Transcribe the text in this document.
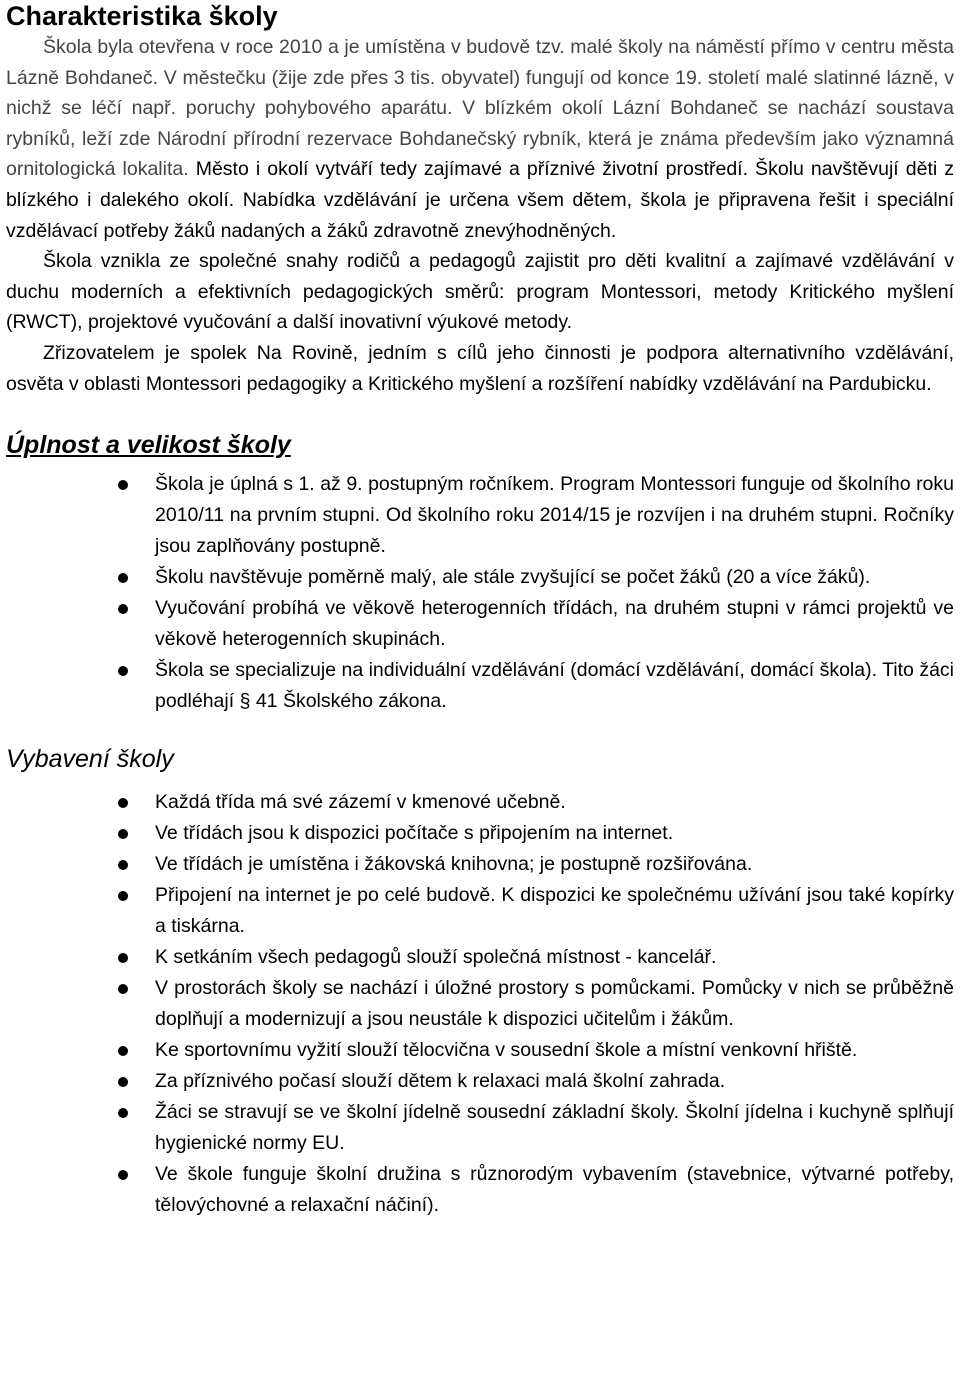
Charakteristika školy

Škola byla otevřena v roce 2010 a je umístěna v budově tzv. malé školy na náměstí přímo v centru města Lázně Bohdaneč. V městečku (žije zde přes 3 tis. obyvatel) fungují od konce 19. století malé slatinné lázně, v nichž se léčí např. poruchy pohybového aparátu. V blízkém okolí Lázní Bohdaneč se nachází soustava rybníků, leží zde Národní přírodní rezervace Bohdanečský rybník, která je známa především jako významná ornitologická lokalita. Město i okolí vytváří tedy zajímavé a příznivé životní prostředí. Školu navštěvují děti z blízkého i dalekého okolí. Nabídka vzdělávání je určena všem dětem, škola je připravena řešit i speciální vzdělávací potřeby žáků nadaných a žáků zdravotně znevýhodněných.

Škola vznikla ze společné snahy rodičů a pedagogů zajistit pro děti kvalitní a zajímavé vzdělávání v duchu moderních a efektivních pedagogických směrů: program Montessori, metody Kritického myšlení (RWCT), projektové vyučování a další inovativní výukové metody.

Zřizovatelem je spolek Na Rovině, jedním s cílů jeho činnosti je podpora alternativního vzdělávání, osvěta v oblasti Montessori pedagogiky a Kritického myšlení a rozšíření nabídky vzdělávání na Pardubicku.

Úplnost a velikost školy
Škola je úplná s 1. až 9. postupným ročníkem. Program Montessori funguje od školního roku 2010/11 na prvním stupni. Od školního roku 2014/15 je rozvíjen i na druhém stupni. Ročníky jsou zaplňovány postupně.
Školu navštěvuje poměrně malý, ale stále zvyšující se počet žáků (20 a více žáků).
Vyučování probíhá ve věkově heterogenních třídách, na druhém stupni v rámci projektů ve věkově heterogenních skupinách.
Škola se specializuje na individuální vzdělávání (domácí vzdělávání, domácí škola). Tito žáci podléhají § 41 Školského zákona.
Vybavení školy
Každá třída má své zázemí v kmenové učebně.
Ve třídách jsou k dispozici počítače s připojením na internet.
Ve třídách je umístěna i žákovská knihovna; je postupně rozšiřována.
Připojení na internet je po celé budově. K dispozici ke společnému užívání jsou také kopírky a tiskárna.
K setkáním všech pedagogů slouží společná místnost - kancelář.
V prostorách školy se nachází i úložné prostory s pomůckami. Pomůcky v nich se průběžně doplňují a modernizují a jsou neustále k dispozici učitelům i žákům.
Ke sportovnímu vyžití slouží tělocvična v sousední škole a místní venkovní hřiště.
Za příznivého počasí slouží dětem k relaxaci malá školní zahrada.
Žáci se stravují se ve školní jídelně sousední základní školy. Školní jídelna i kuchyně splňují hygienické normy EU.
Ve škole funguje školní družina s různorodým vybavením (stavebnice, výtvarné potřeby, tělovýchovné a relaxační náčiní).
